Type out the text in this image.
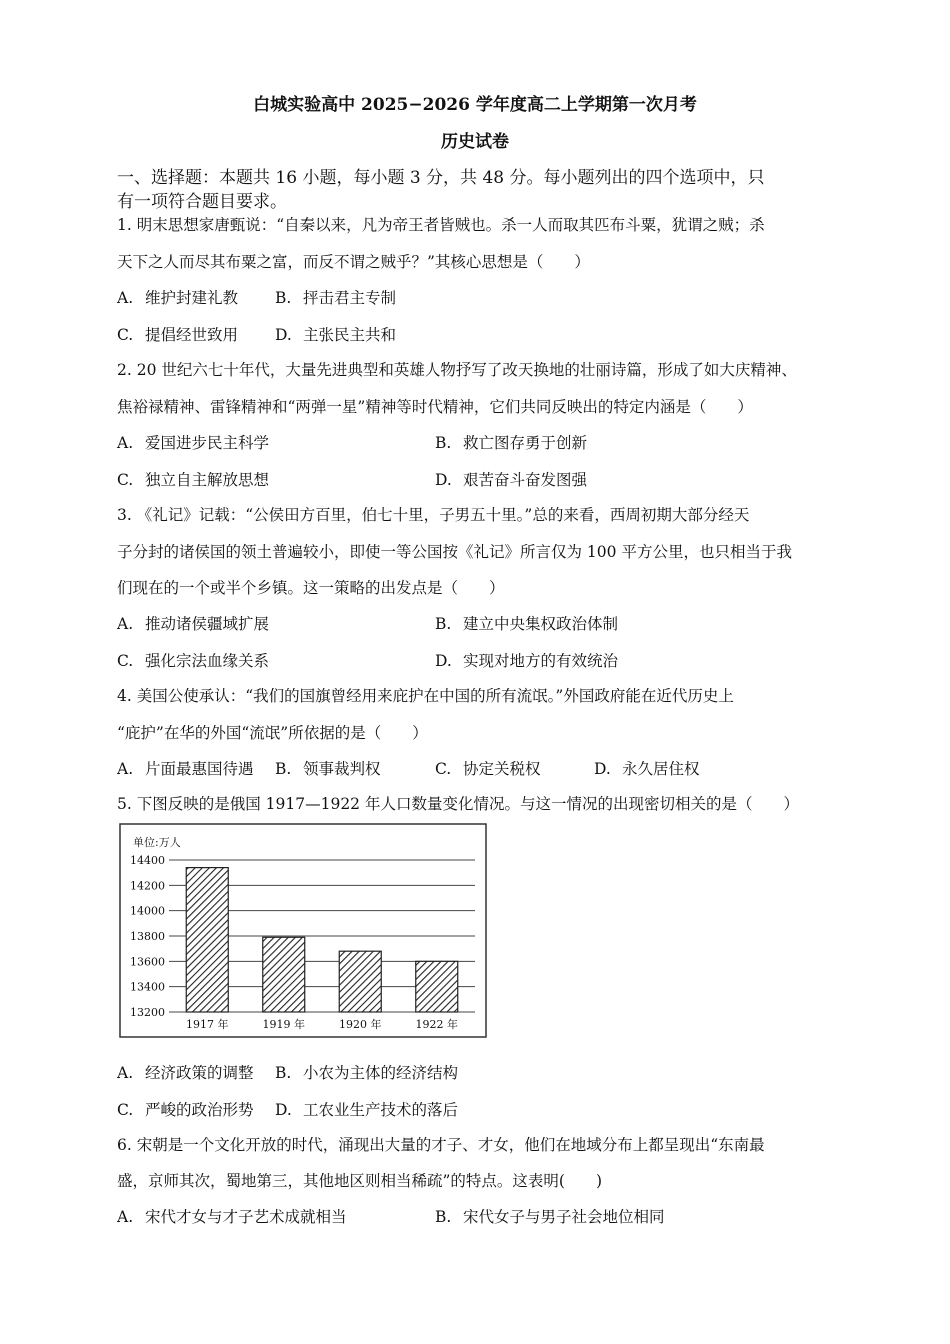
白城实验高中 2025−2026 学年度高二上学期第一次月考
历史试卷
一、选择题：本题共 16 小题，每小题 3 分，共 48 分。每小题列出的四个选项中，只
有一项符合题目要求。
1. 明末思想家唐甄说：“自秦以来，凡为帝王者皆贼也。杀一人而取其匹布斗粟，犹谓之贼；杀
天下之人而尽其布粟之富，而反不谓之贼乎？”其核心思想是（　　）
A. 维护封建礼教 B. 抨击君主专制
C. 提倡经世致用 D. 主张民主共和
2. 20 世纪六七十年代，大量先进典型和英雄人物抒写了改天换地的壮丽诗篇，形成了如大庆精神、
焦裕禄精神、雷锋精神和“两弹一星”精神等时代精神，它们共同反映出的特定内涵是（　　）
A. 爱国进步民主科学	B. 救亡图存勇于创新
C. 独立自主解放思想	D. 艰苦奋斗奋发图强
3. 《礼记》记载：“公侯田方百里，伯七十里，子男五十里。”总的来看，西周初期大部分经天
子分封的诸侯国的领土普遍较小，即使一等公国按《礼记》所言仅为 100 平方公里，也只相当于我
们现在的一个或半个乡镇。这一策略的出发点是（　　）
A. 推动诸侯疆域扩展	B. 建立中央集权政治体制
C. 强化宗法血缘关系	D. 实现对地方的有效统治
4. 美国公使承认：“我们的国旗曾经用来庇护在中国的所有流氓。”外国政府能在近代历史上
“庇护”在华的外国“流氓”所依据的是（　　）
A. 片面最惠国待遇 B. 领事裁判权	C. 协定关税权	D. 永久居住权
5. 下图反映的是俄国 1917—1922 年人口数量变化情况。与这一情况的出现密切相关的是（　　）
单位:万人
13200
13400
13600
13800
14000
14200
14400
1917 年	1919 年	1920 年	1922 年
A. 经济政策的调整 B. 小农为主体的经济结构
C. 严峻的政治形势 D. 工农业生产技术的落后
6. 宋朝是一个文化开放的时代，涌现出大量的才子、才女，他们在地域分布上都呈现出“东南最
盛，京师其次，蜀地第三，其他地区则相当稀疏”的特点。这表明(　　)
A. 宋代才女与才子艺术成就相当	B. 宋代女子与男子社会地位相同
